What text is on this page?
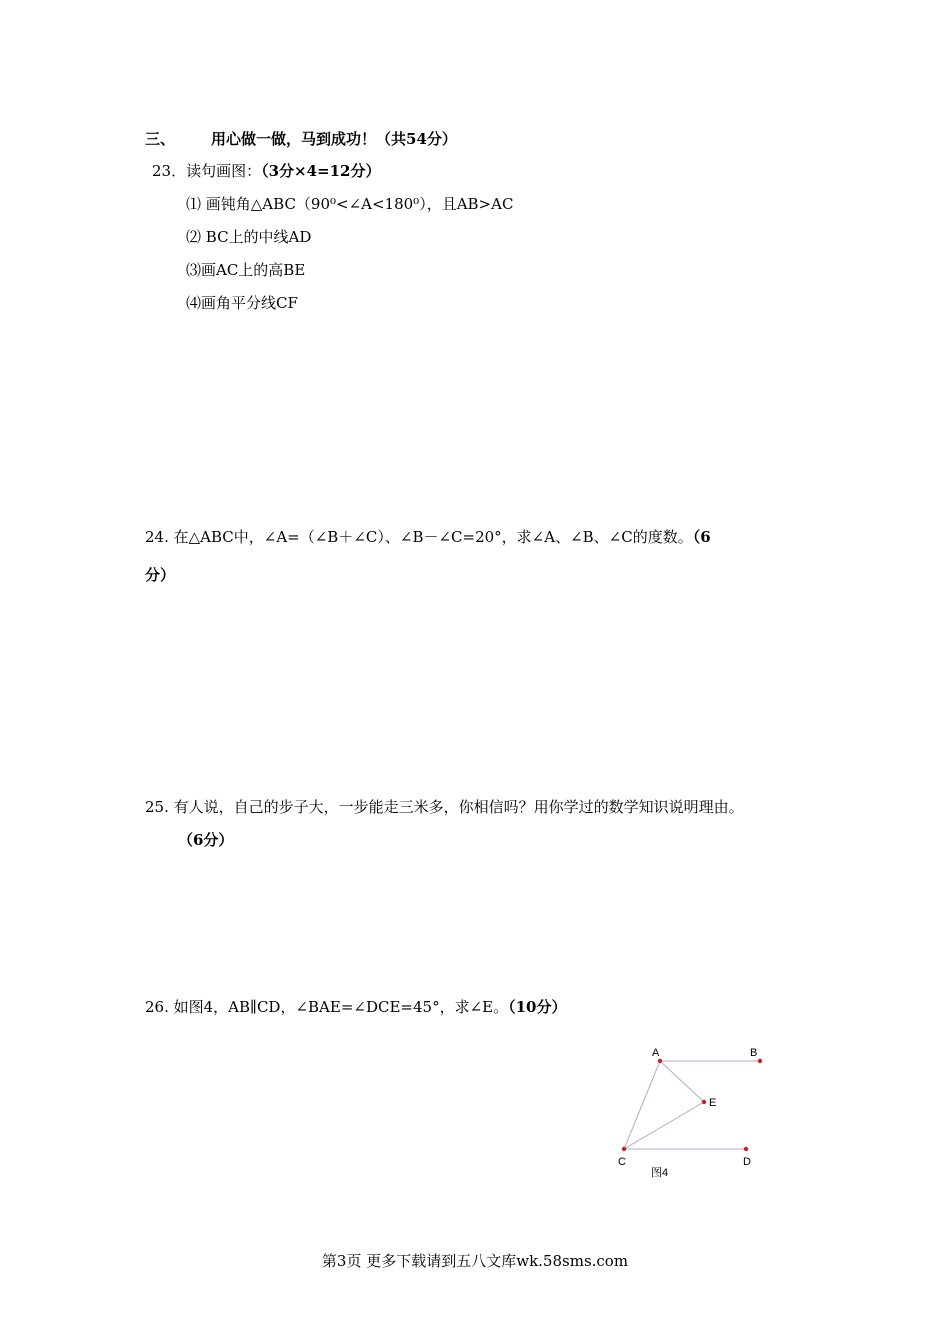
三、 用心做一做，马到成功！（共54分）
23．读句画图：（3分×4=12分）
⑴ 画钝角△ABC（90⁰<∠A<180⁰），且AB>AC
⑵ BC上的中线AD
⑶画AC上的高BE
⑷画角平分线CF
24. 在△ABC中，∠A=（∠B＋∠C）、∠B－∠C=20°，求∠A、∠B、∠C的度数。（6
分）
25. 有人说，自己的步子大，一步能走三米多，你相信吗？用你学过的数学知识说明理由。
（6分）
26. 如图4，AB∥CD，∠BAE=∠DCE=45°，求∠E。（10分）
A	B
C	D
E
图4
第3页 更多下载请到五八文库wk.58sms.com
